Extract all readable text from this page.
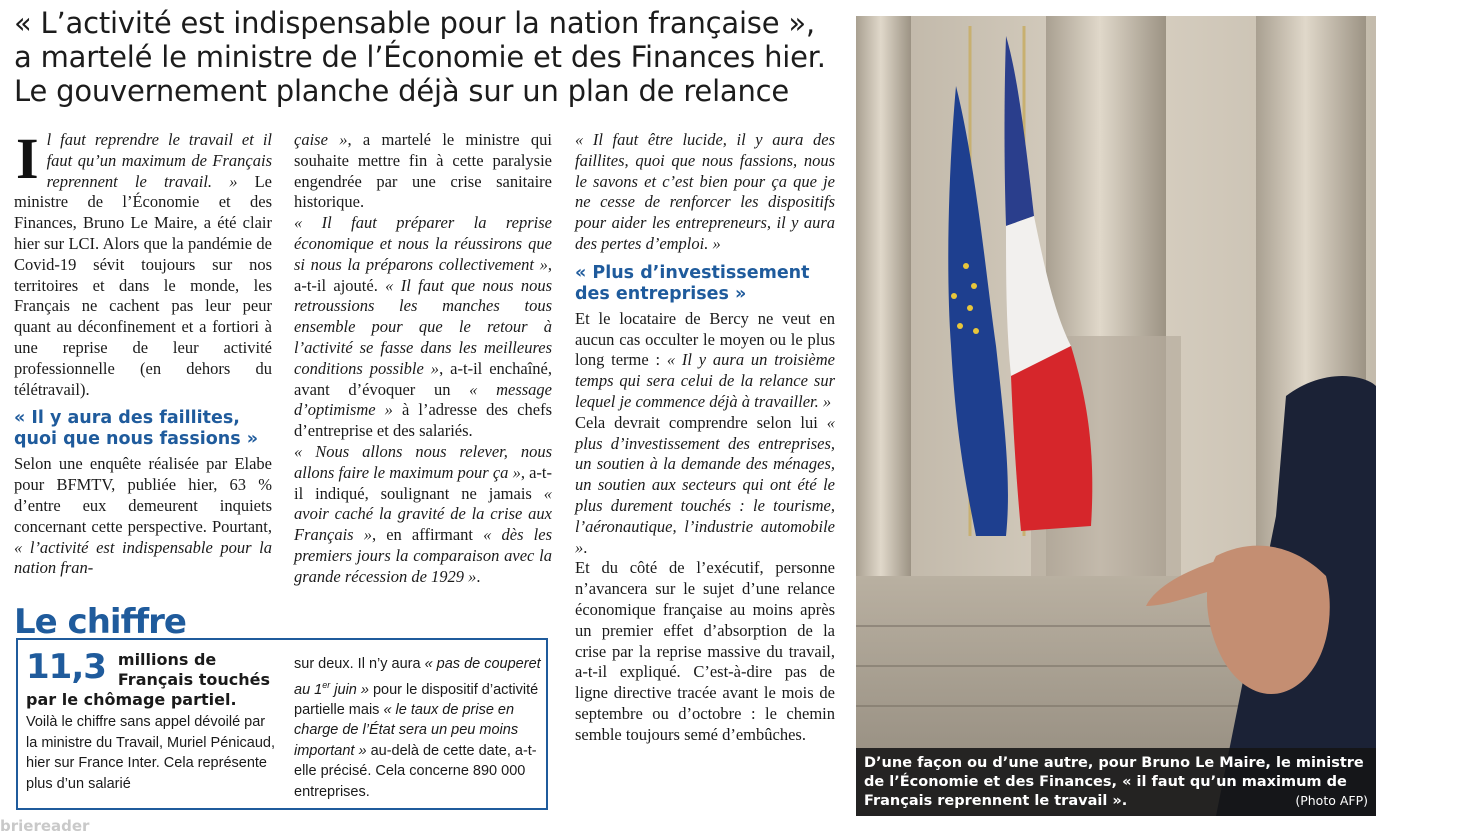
« L’activité est indispensable pour la nation française »,
a martelé le ministre de l’Économie et des Finances hier.
Le gouvernement planche déjà sur un plan de relance

Il faut reprendre le travail et il faut qu’un maximum de Français reprennent le travail. » Le ministre de l’Économie et des Finances, Bruno Le Maire, a été clair hier sur LCI. Alors que la pandémie de Covid-19 sévit toujours sur nos territoires et dans le monde, les Français ne cachent pas leur peur quant au déconfinement et a fortiori à une reprise de leur activité professionnelle (en dehors du télétravail).

« Il y aura des faillites, quoi que nous fassions »

Selon une enquête réalisée par Elabe pour BFMTV, publiée hier, 63 % d’entre eux demeurent inquiets concernant cette perspective. Pourtant, « l’activité est indispensable pour la nation fran-

çaise », a martelé le ministre qui souhaite mettre fin à cette paralysie engendrée par une crise sanitaire historique.

« Il faut préparer la reprise économique et nous la réussirons que si nous la préparons collectivement », a-t-il ajouté. « Il faut que nous nous retroussions les manches tous ensemble pour que le retour à l’activité se fasse dans les meilleures conditions possible », a-t-il enchaîné, avant d’évoquer un « message d’optimisme » à l’adresse des chefs d’entreprise et des salariés.

« Nous allons nous relever, nous allons faire le maximum pour ça », a-t-il indiqué, soulignant ne jamais « avoir caché la gravité de la crise aux Français », en affirmant « dès les premiers jours la comparaison avec la grande récession de 1929 ».

« Il faut être lucide, il y aura des faillites, quoi que nous fassions, nous le savons et c’est bien pour ça que je ne cesse de renforcer les dispositifs pour aider les entrepreneurs, il y aura des pertes d’emploi. »

« Plus d’investissement des entreprises »

Et le locataire de Bercy ne veut en aucun cas occulter le moyen ou le plus long terme : « Il y aura un troisième temps qui sera celui de la relance sur lequel je commence déjà à travailler. »

Cela devrait comprendre selon lui « plus d’investissement des entreprises, un soutien à la demande des ménages, un soutien aux secteurs qui ont été le plus durement touchés : le tourisme, l’aéronautique, l’industrie automobile ».

Et du côté de l’exécutif, personne n’avancera sur le sujet d’une relance économique française au moins après un premier effet d’absorption de la crise par la reprise massive du travail, a-t-il expliqué. C’est-à-dire pas de ligne directive tracée avant le mois de septembre ou d’octobre : le chemin semble toujours semé d’embûches.

Le chiffre
11,3 millions de Français touchés
par le chômage partiel.

Voilà le chiffre sans appel dévoilé par la ministre du Travail, Muriel Pénicaud, hier sur France Inter. Cela représente plus d’un salarié

sur deux. Il n’y aura « pas de couperet au 1er juin » pour le dispositif d’activité partielle mais « le taux de prise en charge de l’État sera un peu moins important » au-delà de cette date, a-t-elle précisé. Cela concerne 890 000 entreprises.
D’une façon ou d’une autre, pour Bruno Le Maire, le ministre de l’Économie et des Finances, « il faut qu’un maximum de Français reprennent le travail ».	(Photo AFP)
briereader
